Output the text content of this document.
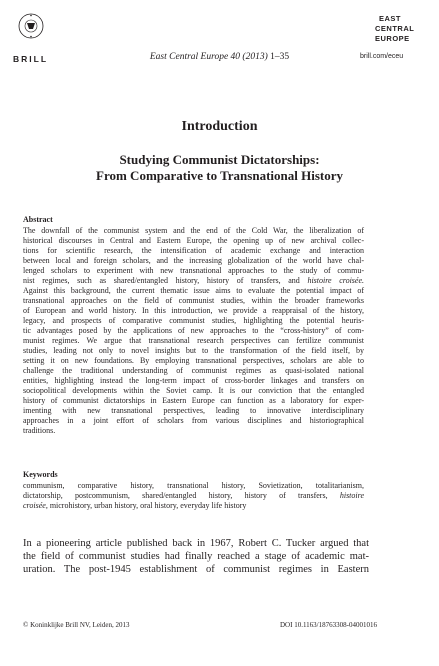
BRILL	East Central Europe 40 (2013) 1–35
EAST
CENTRAL
EUROPE
brill.com/eceu
Introduction
Studying Communist Dictatorships:
From Comparative to Transnational History
Abstract
The downfall of the communist system and the end of the Cold War, the liberalization of
historical discourses in Central and Eastern Europe, the opening up of new archival collec-
tions for scientific research, the intensification of academic exchange and interaction
between local and foreign scholars, and the increasing globalization of the world have chal-
lenged scholars to experiment with new transnational approaches to the study of commu-
nist regimes, such as shared/entangled history, history of transfers, and histoire croisée.
Against this background, the current thematic issue aims to evaluate the potential impact of
transnational approaches on the field of communist studies, within the broader frameworks
of European and world history. In this introduction, we provide a reappraisal of the history,
legacy, and prospects of comparative communist studies, highlighting the potential heuris-
tic advantages posed by the applications of new approaches to the “cross-history” of com-
munist regimes. We argue that transnational research perspectives can fertilize communist
studies, leading not only to novel insights but to the transformation of the field itself, by
setting it on new foundations. By employing transnational perspectives, scholars are able to
challenge the traditional understanding of communist regimes as quasi-isolated national
entities, highlighting instead the long-term impact of cross-border linkages and transfers on
sociopolitical developments within the Soviet camp. It is our conviction that the entangled
history of communist dictatorships in Eastern Europe can function as a laboratory for exper-
imenting with new transnational perspectives, leading to innovative interdisciplinary
approaches in a joint effort of scholars from various disciplines and historiographical
traditions.
Keywords
communism, comparative history, transnational history, Sovietization, totalitarianism,
dictatorship, postcommunism, shared/entangled history, history of transfers, histoire
croisée, microhistory, urban history, oral history, everyday life history
In a pioneering article published back in 1967, Robert C. Tucker argued that
the field of communist studies had finally reached a stage of academic mat-
uration. The post-1945 establishment of communist regimes in Eastern
© Koninklijke Brill NV, Leiden, 2013	DOI 10.1163/18763308-04001016
